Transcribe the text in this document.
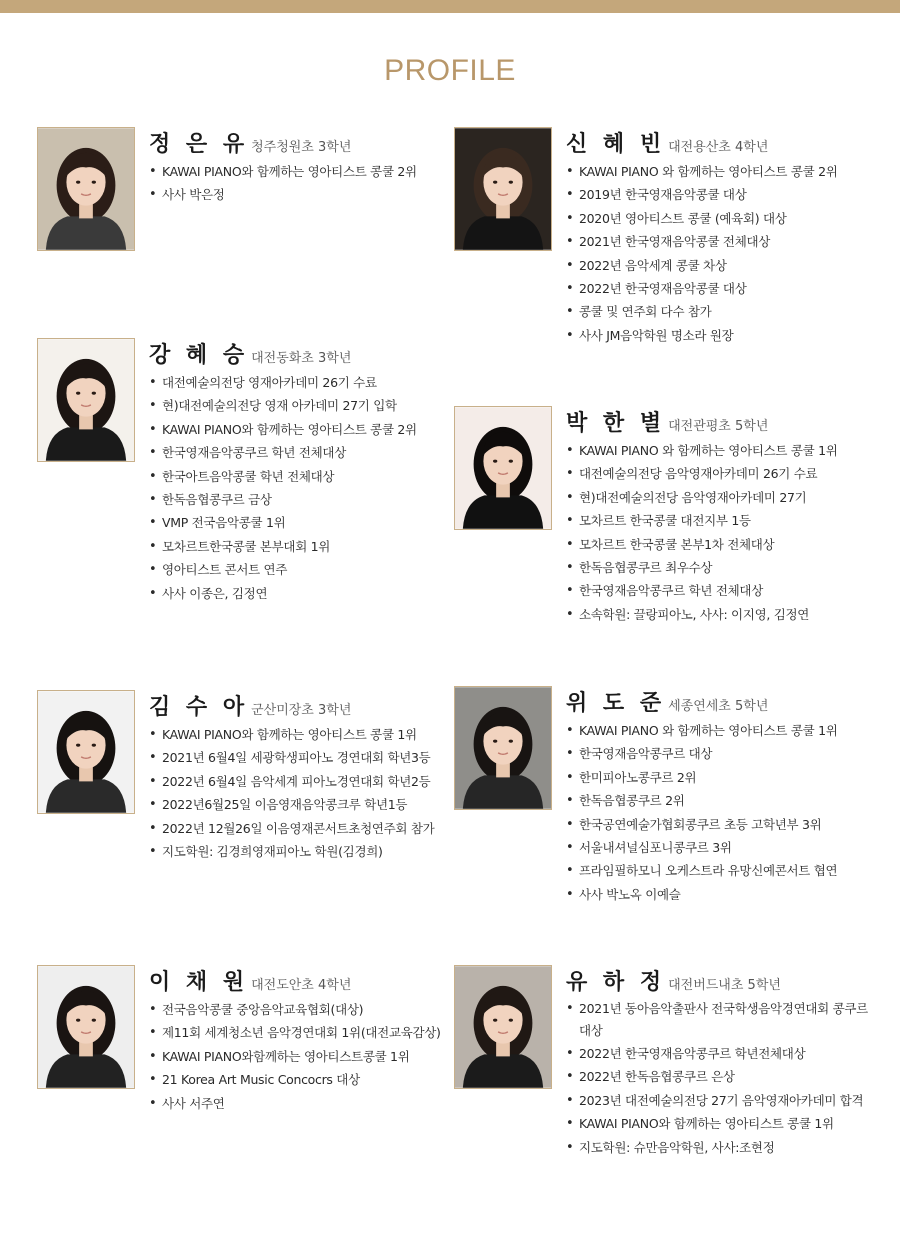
PROFILE
정 은 유 청주청원초 3학년
• KAWAI PIANO와 함께하는 영아티스트 콩쿨 2위
• 사사 박은정
강 혜 승 대전동화초 3학년
• 대전예술의전당 영재아카데미 26기 수료
• 현)대전예술의전당 영재 아카데미 27기 입학
• KAWAI PIANO와 함께하는 영아티스트 콩쿨 2위
• 한국영재음악콩쿠르 학년 전체대상
• 한국아트음악콩쿨 학년 전체대상
• 한독음협콩쿠르 금상
• VMP 전국음악콩쿨 1위
• 모차르트한국콩쿨 본부대회 1위
• 영아티스트 콘서트 연주
• 사사 이종은, 김정연
김 수 아 군산미장초 3학년
• KAWAI PIANO와 함께하는 영아티스트 콩쿨 1위
• 2021년 6월4일 세광학생피아노 경연대회 학년3등
• 2022년 6월4일 음악세계 피아노경연대회 학년2등
• 2022년6월25일 이음영재음악콩크루 학년1등
• 2022년 12월26일 이음영재콘서트초청연주회 참가
• 지도학원: 김경희영재피아노 학원(김경희)
이 채 원 대전도안초 4학년
• 전국음악콩쿨 중앙음악교육협회(대상)
• 제11회 세계청소년 음악경연대회 1위(대전교육감상)
• KAWAI PIANO와함께하는 영아티스트콩쿨 1위
• 21 Korea Art Music Concocrs 대상
• 사사 서주연
신 혜 빈 대전용산초 4학년
• KAWAI PIANO 와 함께하는 영아티스트 콩쿨 2위
• 2019년 한국영재음악콩쿨 대상
• 2020년 영아티스트 콩쿨 (예육회) 대상
• 2021년 한국영재음악콩쿨 전체대상
• 2022년 음악세계 콩쿨 차상
• 2022년 한국영재음악콩쿨 대상
• 콩쿨 및 연주회 다수 참가
• 사사 JM음악학원 명소라 원장
박 한 별 대전관평초 5학년
• KAWAI PIANO 와 함께하는 영아티스트 콩쿨 1위
• 대전예술의전당 음악영재아카데미 26기 수료
• 현)대전예술의전당 음악영재아카데미 27기
• 모차르트 한국콩쿨 대전지부 1등
• 모차르트 한국콩쿨 본부1차 전체대상
• 한독음협콩쿠르 최우수상
• 한국영재음악콩쿠르 학년 전체대상
• 소속학원: 끌랑피아노, 사사: 이지영, 김정연
위 도 준 세종연세초 5학년
• KAWAI PIANO 와 함께하는 영아티스트 콩쿨 1위
• 한국영재음악콩쿠르 대상
• 한미피아노콩쿠르 2위
• 한독음협콩쿠르 2위
• 한국공연예술가협회콩쿠르 초등 고학년부 3위
• 서울내셔널심포니콩쿠르 3위
• 프라임필하모니 오케스트라 유망신예콘서트 협연
• 사사 박노옥 이예슬
유 하 정 대전버드내초 5학년
• 2021년 동아음악출판사 전국학생음악경연대회 콩쿠르 대상
• 2022년 한국영재음악콩쿠르 학년전체대상
• 2022년 한독음협콩쿠르 은상
• 2023년 대전예술의전당 27기 음악영재아카데미 합격
• KAWAI PIANO와 함께하는 영아티스트 콩쿨 1위
• 지도학원: 슈만음악학원, 사사:조현정
